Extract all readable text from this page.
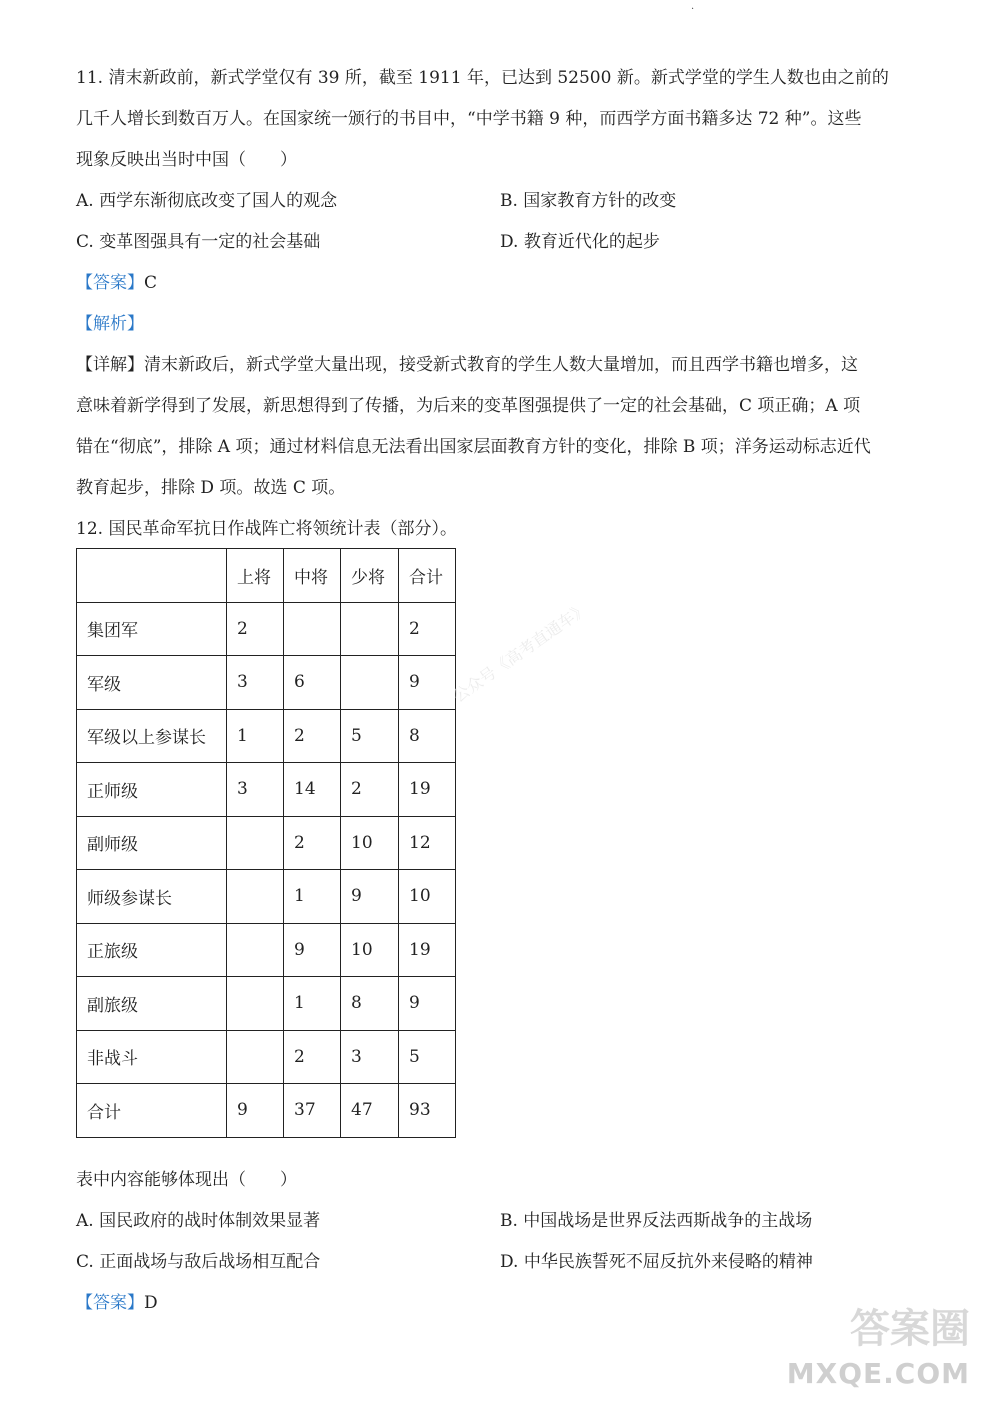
·
11. 清末新政前，新式学堂仅有 39 所，截至 1911 年，已达到 52500 新。新式学堂的学生人数也由之前的
几千人增长到数百万人。在国家统一颁行的书目中，“中学书籍 9 种，而西学方面书籍多达 72 种”。这些
现象反映出当时中国（　　）
A. 西学东渐彻底改变了国人的观念	B. 国家教育方针的改变
C. 变革图强具有一定的社会基础	D. 教育近代化的起步
【答案】C
【解析】
【详解】清末新政后，新式学堂大量出现，接受新式教育的学生人数大量增加，而且西学书籍也增多，这
意味着新学得到了发展，新思想得到了传播，为后来的变革图强提供了一定的社会基础，C 项正确；A 项
错在“彻底”，排除 A 项；通过材料信息无法看出国家层面教育方针的变化，排除 B 项；洋务运动标志近代
教育起步，排除 D 项。故选 C 项。
12. 国民革命军抗日作战阵亡将领统计表（部分）。
	上将	中将	少将	合计
集团军	2			2
军级	3	6		9
军级以上参谋长	1	2	5	8
正师级	3	14	2	19
副师级		2	10	12
师级参谋长		1	9	10
正旅级		9	10	19
副旅级		1	8	9
非战斗		2	3	5
合计	9	37	47	93
公众号《高考直通车》
表中内容能够体现出（　　）
A. 国民政府的战时体制效果显著	B. 中国战场是世界反法西斯战争的主战场
C. 正面战场与敌后战场相互配合	D. 中华民族誓死不屈反抗外来侵略的精神
【答案】D
答案圈
MXQE.COM
